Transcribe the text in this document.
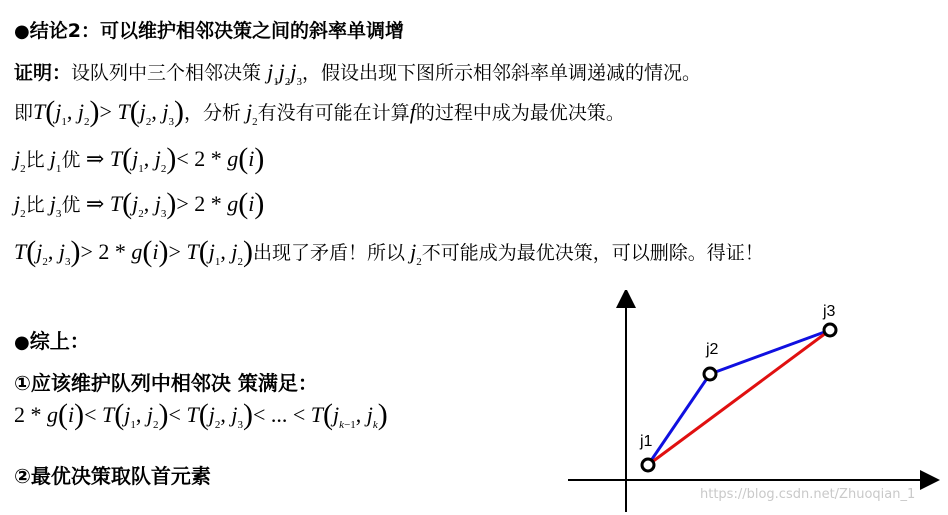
●结论2：可以维护相邻决策之间的斜率单调增
证明：设队列中三个相邻决策 $j_1j_2j_3$，假设出现下图所示相邻斜率单调递减的情况。
即$T(j_1$, $j_2)> T(j_2$, $j_3$)，分析 $j_2$有没有可能在计算f的过程中成为最优决策。
$j_2$比 $j_1$优 ⇒ $T(j_1$, $j_2)< 2 * g(i)$
$j_2$比 $j_3$优 ⇒ $T(j_2$, $j_3)> 2 * g(i)$
$T(j_2$, $j_3)> 2 * g(i)> T(j_1$, $j_2$)出现了矛盾！所以 $j_2$不可能成为最优决策，可以删除。得证！
●综上：
①应该维护队列中相邻决 策满足：
$2 * g(i)< T(j_1$, $j_2)< T(j_2$, $j_3)<$ ... < $T(j_{k-1}$, $j_k$)
②最优决策取队首元素
j1
j2
j3
https://blog.csdn.net/Zhuoqian_1
